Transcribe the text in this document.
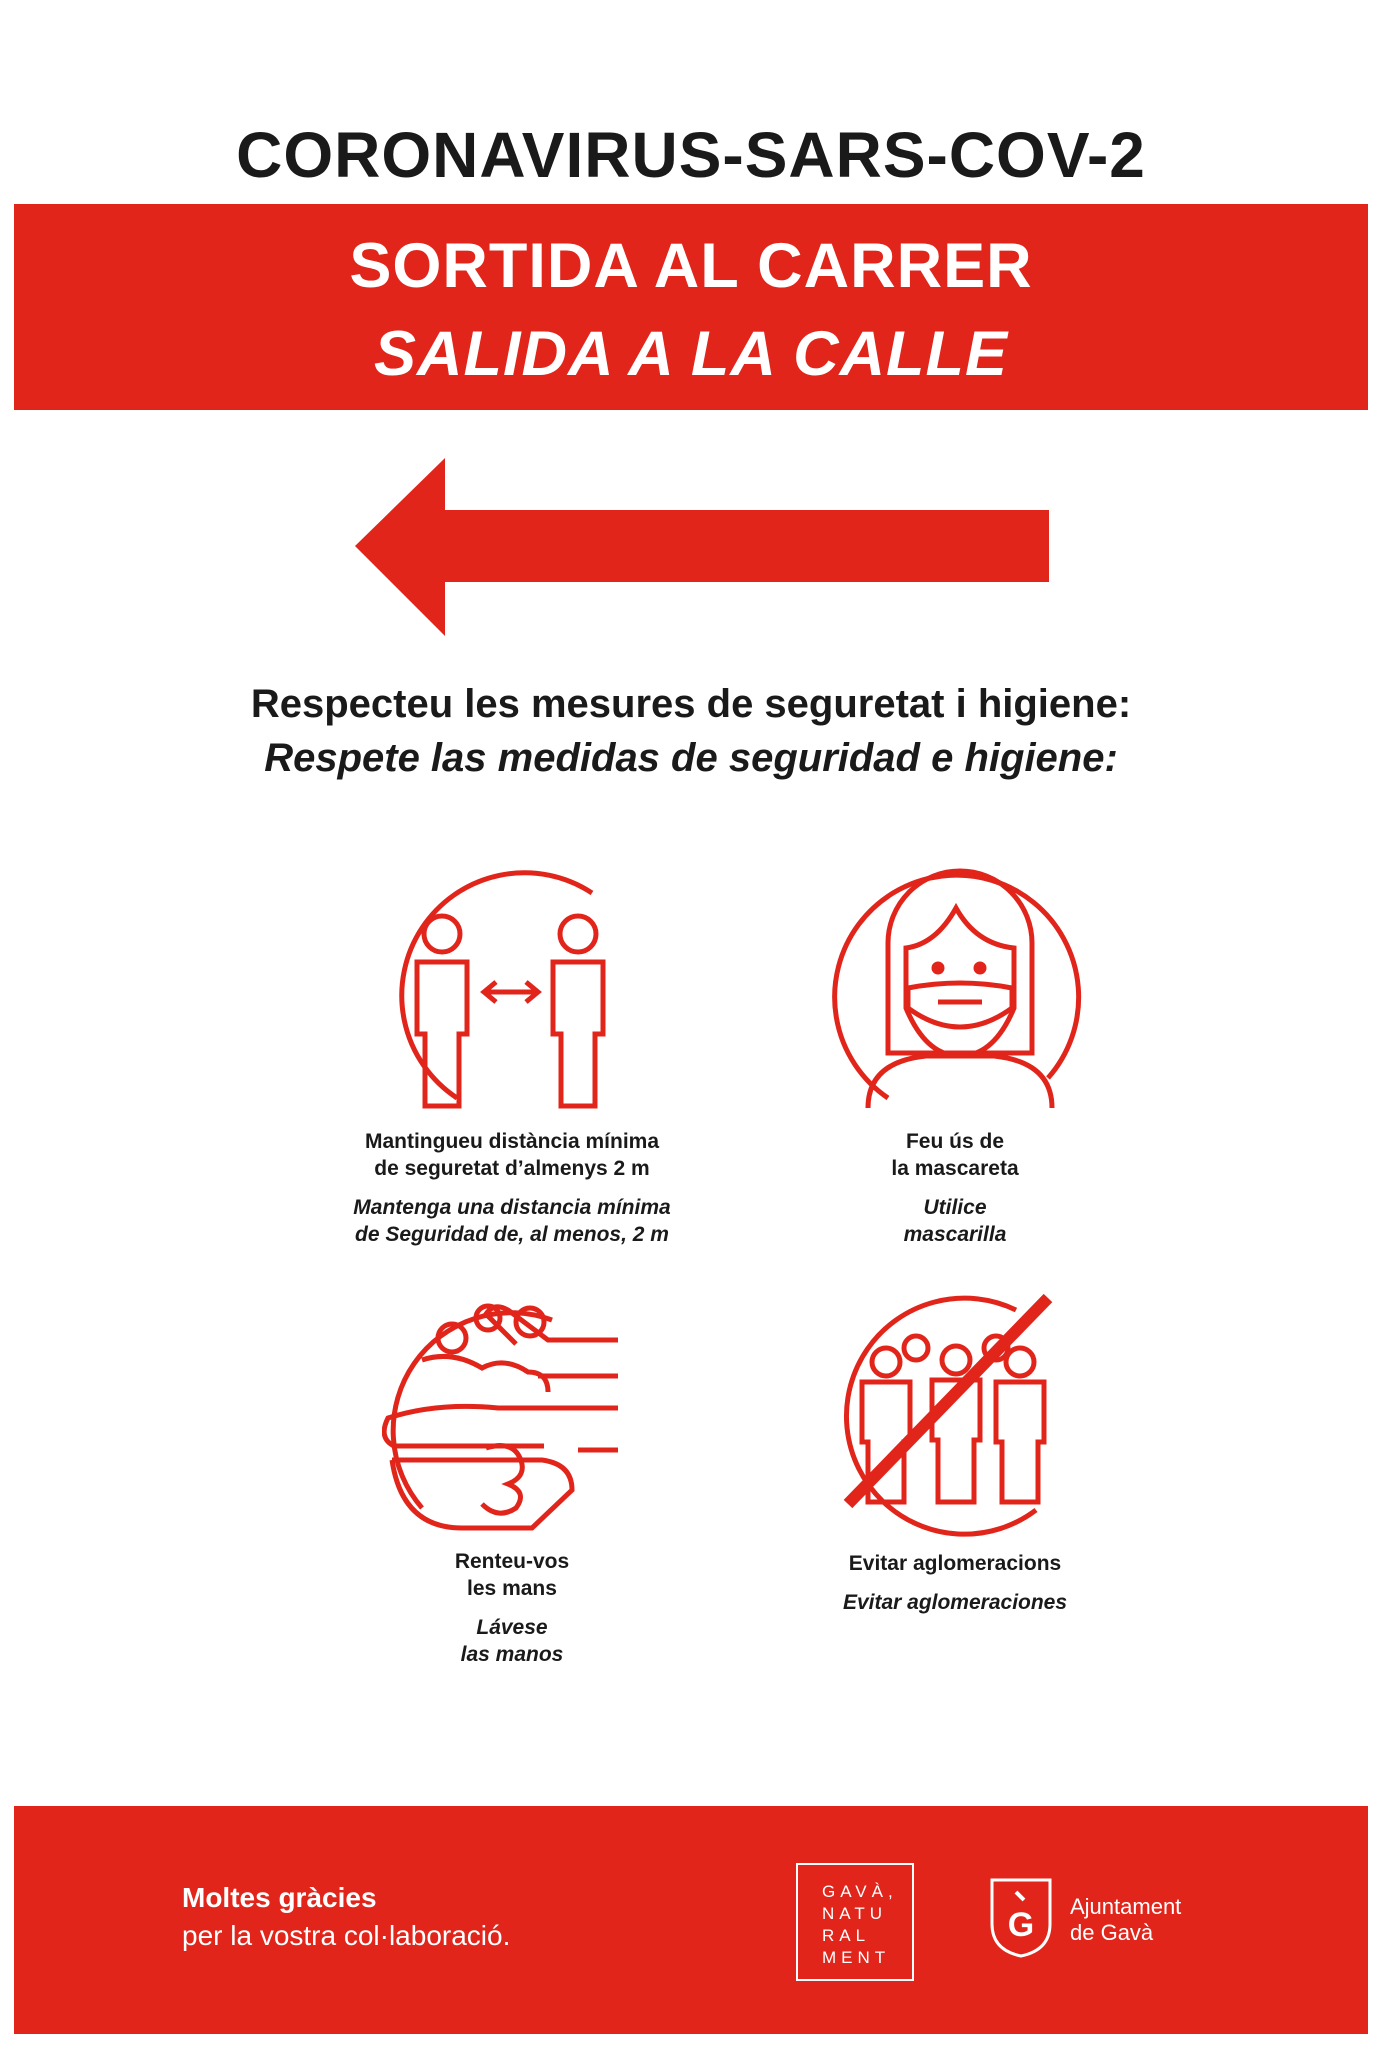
CORONAVIRUS-SARS-COV-2
SORTIDA AL CARRER
SALIDA A LA CALLE
Respecteu les mesures de seguretat i higiene:
Respete las medidas de seguridad e higiene:
Mantingueu distància mínima
de seguretat d’almenys 2 m
Mantenga una distancia mínima
de Seguridad de, al menos, 2 m
Feu ús de
la mascareta
Utilice
mascarilla
Renteu-vos
les mans
Lávese
las manos
Evitar aglomeracions
Evitar aglomeraciones
Moltes gràcies
per la vostra col·laboració.
GAVÀ,
NATU
RAL
MENT
G Ajuntament
de Gavà
